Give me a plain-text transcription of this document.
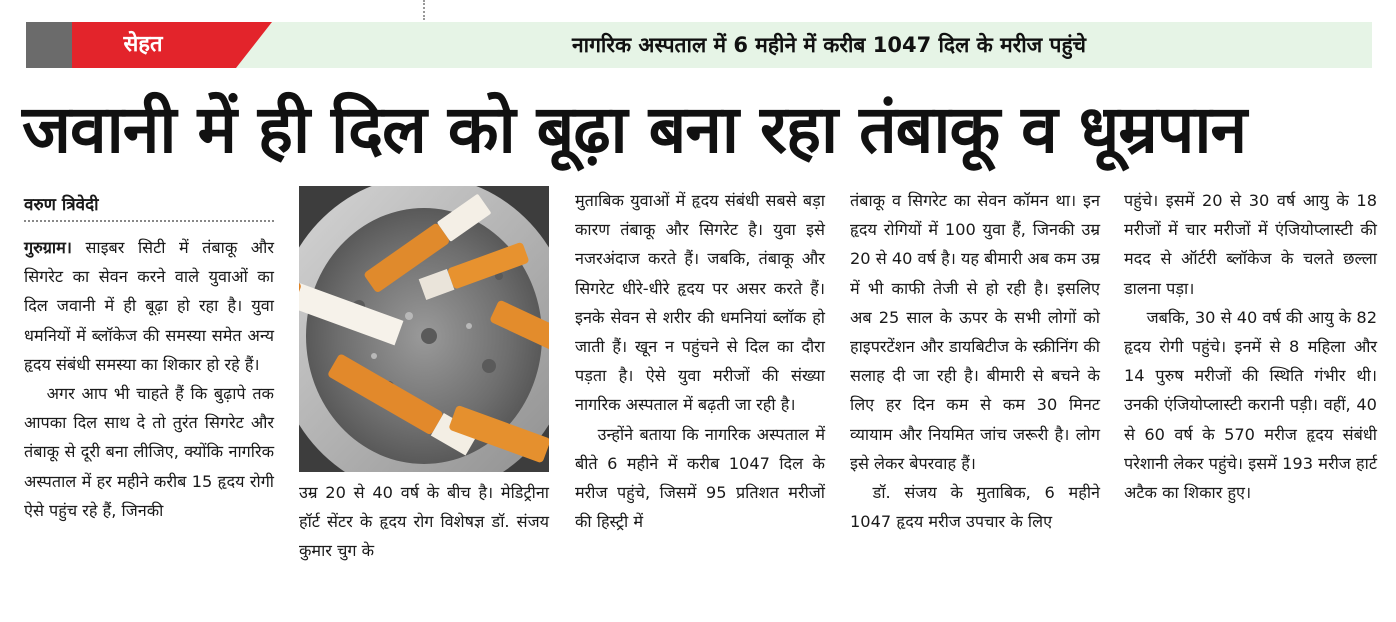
सेहत	नागरिक अस्पताल में 6 महीने में करीब 1047 दिल के मरीज पहुंचे
जवानी में ही दिल को बूढ़ा बना रहा तंबाकू व धूम्रपान
वरुण त्रिवेदी

गुरुग्राम। साइबर सिटी में तंबाकू और सिगरेट का सेवन करने वाले युवाओं का दिल जवानी में ही बूढ़ा हो रहा है। युवा धमनियों में ब्लॉकेज की समस्या समेत अन्य हृदय संबंधी समस्या का शिकार हो रहे हैं।

अगर आप भी चाहते हैं कि बुढ़ापे तक आपका दिल साथ दे तो तुरंत सिगरेट और तंबाकू से दूरी बना लीजिए, क्योंकि नागरिक अस्पताल में हर महीने करीब 15 हृदय रोगी ऐसे पहुंच रहे हैं, जिनकी

उम्र 20 से 40 वर्ष के बीच है। मेडिट्रीना हॉर्ट सेंटर के हृदय रोग विशेषज्ञ डॉ. संजय कुमार चुग के

मुताबिक युवाओं में हृदय संबंधी सबसे बड़ा कारण तंबाकू और सिगरेट है। युवा इसे नजरअंदाज करते हैं। जबकि, तंबाकू और सिगरेट धीरे-धीरे हृदय पर असर करते हैं। इनके सेवन से शरीर की धमनियां ब्लॉक हो जाती हैं। खून न पहुंचने से दिल का दौरा पड़ता है। ऐसे युवा मरीजों की संख्या नागरिक अस्पताल में बढ़ती जा रही है।

उन्होंने बताया कि नागरिक अस्पताल में बीते 6 महीने में करीब 1047 दिल के मरीज पहुंचे, जिसमें 95 प्रतिशत मरीजों की हिस्ट्री में

तंबाकू व सिगरेट का सेवन कॉमन था। इन हृदय रोगियों में 100 युवा हैं, जिनकी उम्र 20 से 40 वर्ष है। यह बीमारी अब कम उम्र में भी काफी तेजी से हो रही है। इसलिए अब 25 साल के ऊपर के सभी लोगों को हाइपरटेंशन और डायबिटीज के स्क्रीनिंग की सलाह दी जा रही है। बीमारी से बचने के लिए हर दिन कम से कम 30 मिनट व्यायाम और नियमित जांच जरूरी है। लोग इसे लेकर बेपरवाह हैं।

डॉ. संजय के मुताबिक, 6 महीने 1047 हृदय मरीज उपचार के लिए

पहुंचे। इसमें 20 से 30 वर्ष आयु के 18 मरीजों में चार मरीजों में एंजियोप्लास्टी की मदद से ऑर्टरी ब्लॉकेज के चलते छल्ला डालना पड़ा।

जबकि, 30 से 40 वर्ष की आयु के 82 हृदय रोगी पहुंचे। इनमें से 8 महिला और 14 पुरुष मरीजों की स्थिति गंभीर थी। उनकी एंजियोप्लास्टी करानी पड़ी। वहीं, 40 से 60 वर्ष के 570 मरीज हृदय संबंधी परेशानी लेकर पहुंचे। इसमें 193 मरीज हार्ट अटैक का शिकार हुए।
